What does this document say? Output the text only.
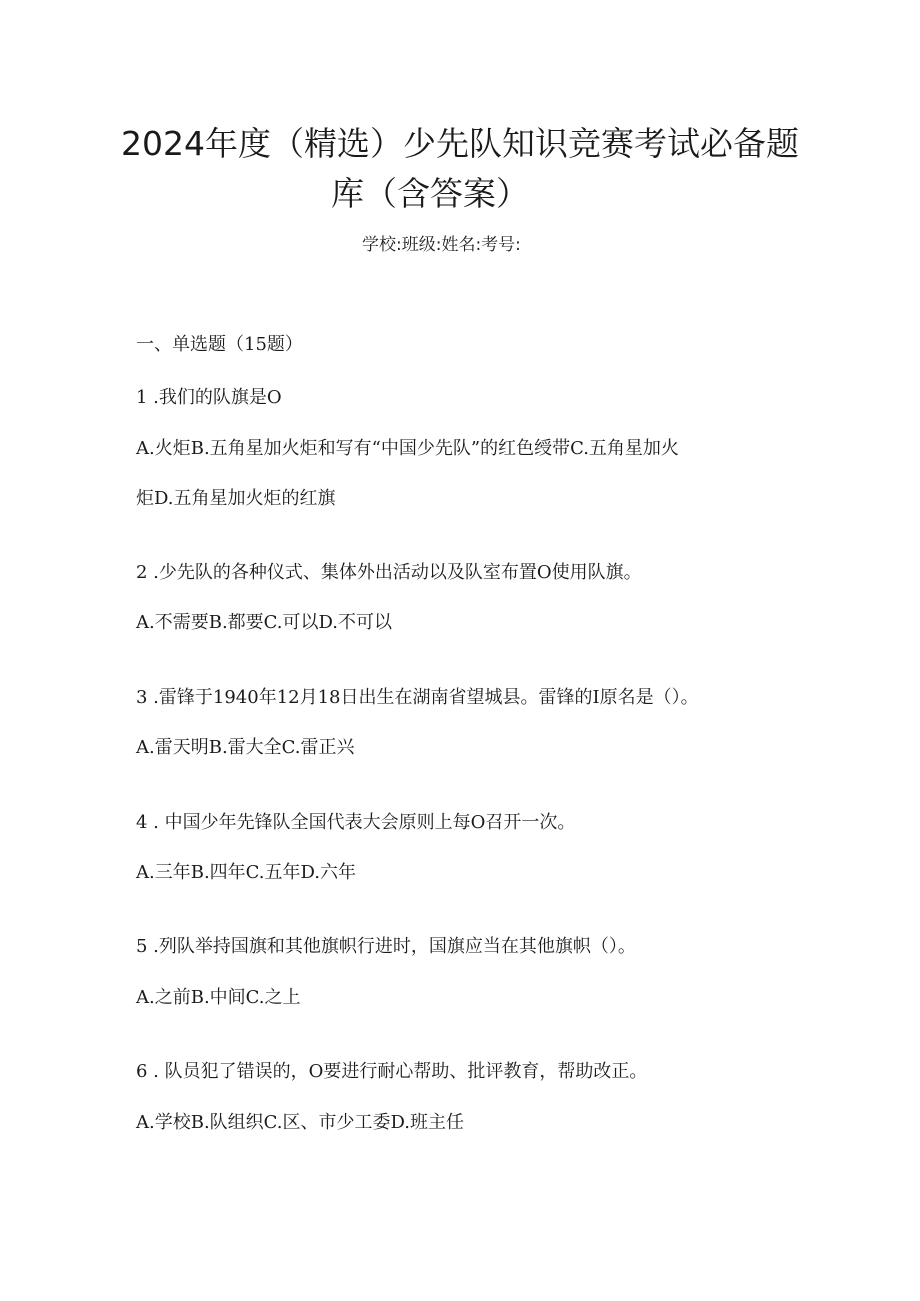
2024年度（精选）少先队知识竞赛考试必备题
库（含答案）
学校:班级:姓名:考号:
一、单选题（15题）
1 .我们的队旗是O
A.火炬B.五角星加火炬和写有“中国少先队”的红色绶带C.五角星加火
炬D.五角星加火炬的红旗
2 .少先队的各种仪式、集体外出活动以及队室布置O使用队旗。
A.不需要B.都要C.可以D.不可以
3 .雷锋于1940年12月18日出生在湖南省望城县。雷锋的I原名是（）。
A.雷天明B.雷大全C.雷正兴
4 . 中国少年先锋队全国代表大会原则上每O召开一次。
A.三年B.四年C.五年D.六年
5 .列队举持国旗和其他旗帜行进时，国旗应当在其他旗帜（）。
A.之前B.中间C.之上
6 . 队员犯了错误的，O要进行耐心帮助、批评教育，帮助改正。
A.学校B.队组织C.区、市少工委D.班主任
